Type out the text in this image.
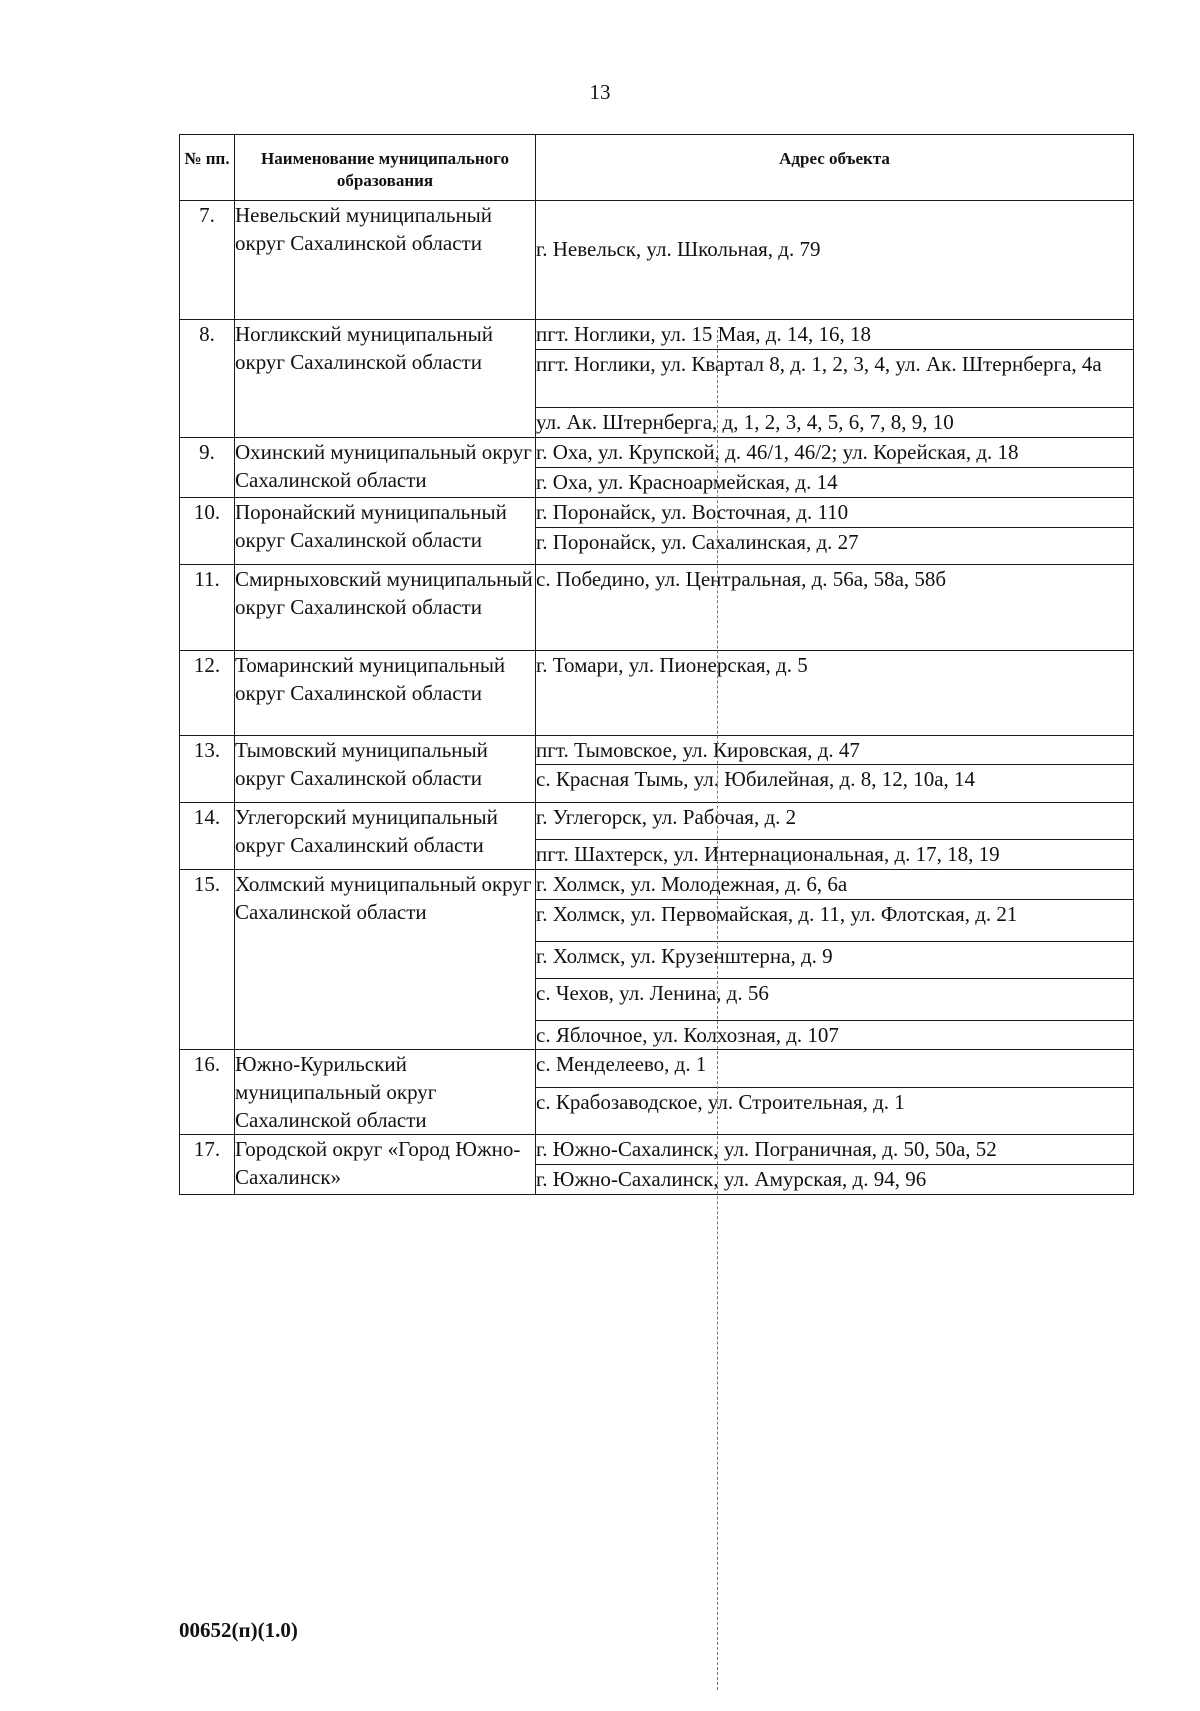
13
№ пп.	Наименование муниципального образования	Адрес объекта
7.	Невельский муниципальный округ Сахалинской области	г. Невельск, ул. Школьная, д. 79
8.	Ногликский муниципальный округ Сахалинской области	пгт. Ноглики, ул. 15 Мая, д. 14, 16, 18
		пгт. Ноглики, ул. Квартал 8, д. 1, 2, 3, 4, ул. Ак. Штернберга, 4а
		ул. Ак. Штернберга, д, 1, 2, 3, 4, 5, 6, 7, 8, 9, 10
9.	Охинский муниципальный округ Сахалинской области	г. Оха, ул. Крупской, д. 46/1, 46/2; ул. Корейская, д. 18
		г. Оха, ул. Красноармейская, д. 14
10.	Поронайский муниципальный округ Сахалинской области	г. Поронайск, ул. Восточная, д. 110
		г. Поронайск, ул. Сахалинская, д. 27
11.	Смирныховский муниципальный округ Сахалинской области	с. Победино, ул. Центральная, д. 56а, 58а, 58б
12.	Томаринский муниципальный округ Сахалинской области	г. Томари, ул. Пионерская, д. 5
13.	Тымовский муниципальный округ Сахалинской области	пгт. Тымовское, ул. Кировская, д. 47
		с. Красная Тымь, ул. Юбилейная, д. 8, 12, 10а, 14
14.	Углегорский муниципальный округ Сахалинский области	г. Углегорск, ул. Рабочая, д. 2
		пгт. Шахтерск, ул. Интернациональная, д. 17, 18, 19
15.	Холмский муниципальный округ Сахалинской области	г. Холмск, ул. Молодежная, д. 6, 6а
		г. Холмск, ул. Первомайская, д. 11, ул. Флотская, д. 21
		г. Холмск, ул. Крузенштерна, д. 9
		с. Чехов, ул. Ленина, д. 56
		с. Яблочное, ул. Колхозная, д. 107
16.	Южно-Курильский муниципальный округ Сахалинской области	с. Менделеево, д. 1
		с. Крабозаводское, ул. Строительная, д. 1
17.	Городской округ «Город Южно-Сахалинск»	г. Южно-Сахалинск, ул. Пограничная, д. 50, 50а, 52
		г. Южно-Сахалинск, ул. Амурская, д. 94, 96
00652(п)(1.0)
